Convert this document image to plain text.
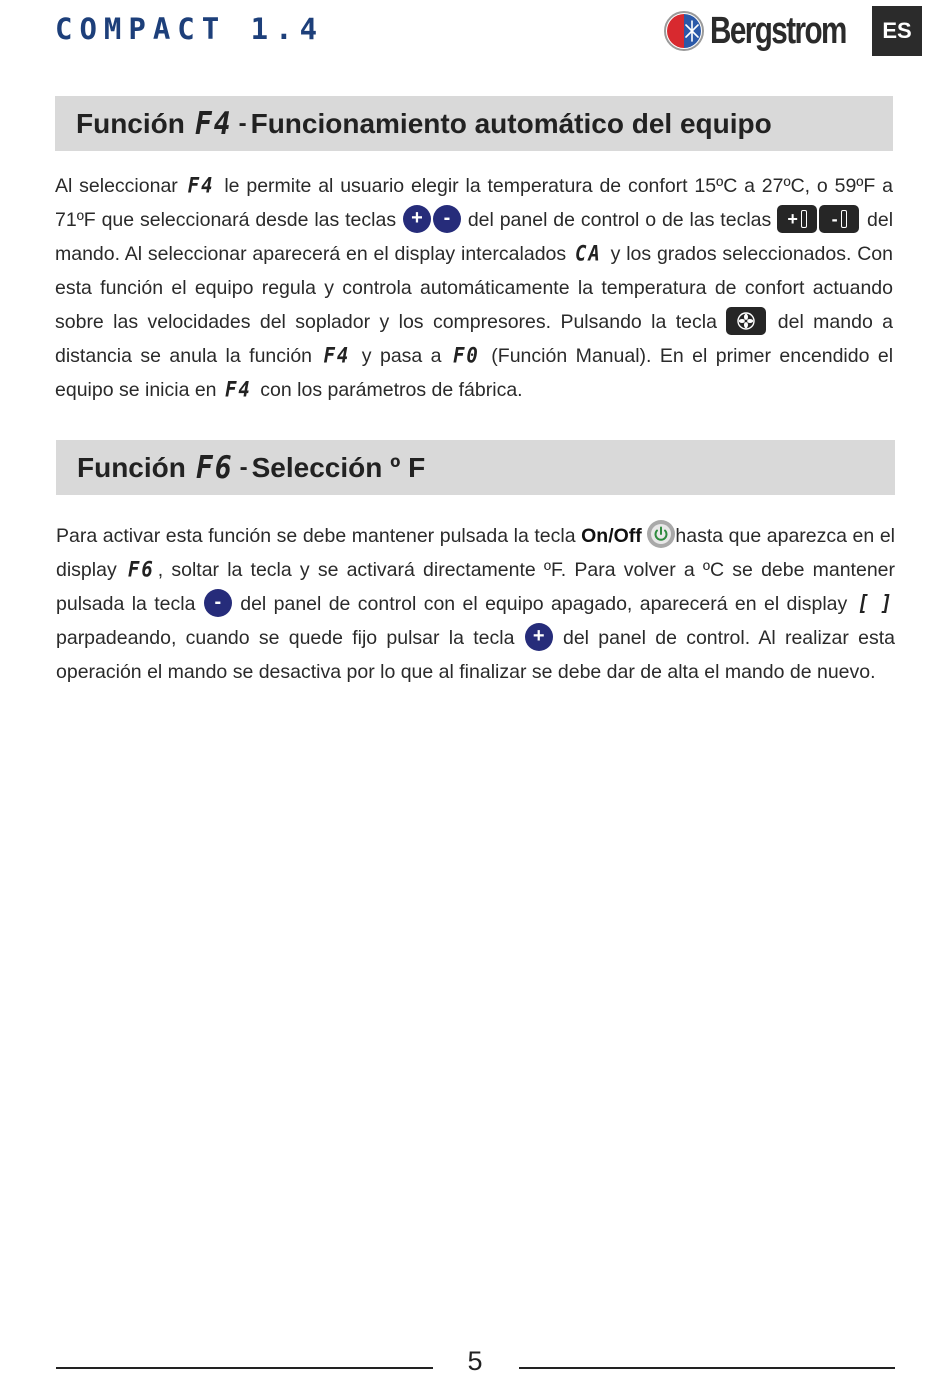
COMPACT 1.4	Bergstrom	ES
Función F4 - Funcionamiento automático del equipo
Al seleccionar F4 le permite al usuario elegir la temperatura de confort 15ºC a 27ºC, o 59ºF a 71ºF que seleccionará desde las teclas + - del panel de control o de las teclas + - del mando. Al seleccionar aparecerá en el display intercalados CA y los grados seleccionados. Con esta función el equipo regula y controla automáticamente la temperatura de confort actuando sobre las velocidades del soplador y los compresores. Pulsando la tecla	del mando a distancia se anula la función F4 y pasa a F0 (Función Manual). En el primer encendido el equipo se inicia en F4 con los parámetros de fábrica.
Función F6 - Selección º F
Para activar esta función se debe mantener pulsada la tecla On/Off hasta que aparezca en el display F6 , soltar la tecla y se activará directamente ºF. Para volver a ºC se debe mantener pulsada la tecla - del panel de control con el equipo apagado, aparecerá en el display [ ] parpadeando, cuando se quede fijo pulsar la tecla + del panel de control. Al realizar esta operación el mando se desactiva por lo que al finalizar se debe dar de alta el mando de nuevo.
5
